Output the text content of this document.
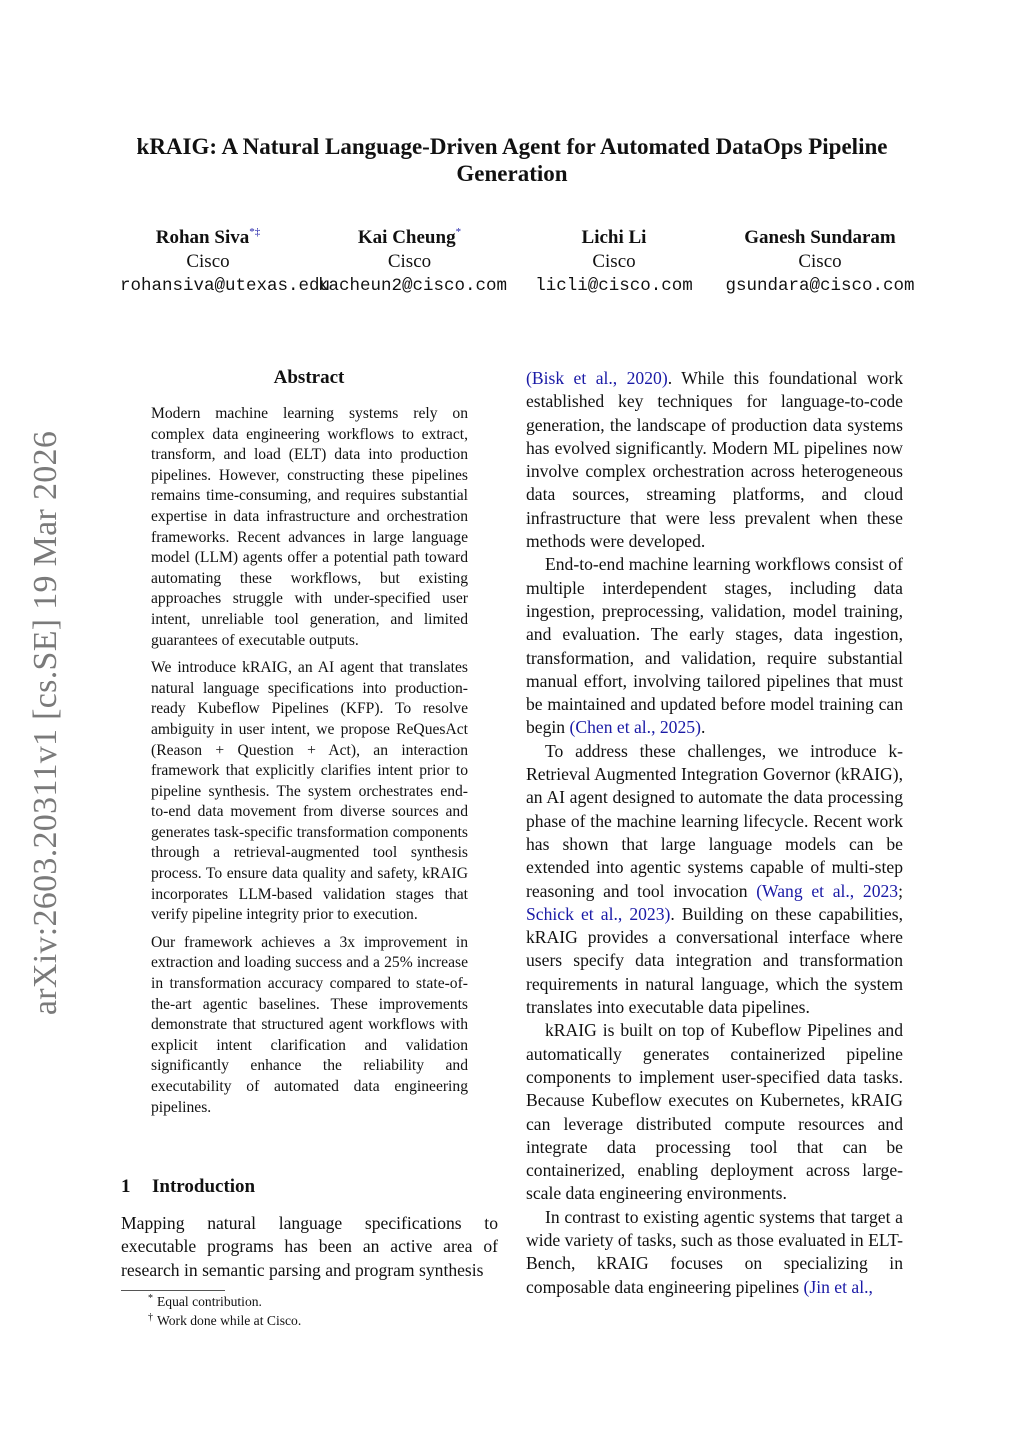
kRAIG: A Natural Language-Driven Agent for Automated DataOps Pipeline Generation
Rohan Siva*‡
Cisco
rohansiva@utexas.edu
Kai Cheung*
Cisco
kacheun2@cisco.com
Lichi Li
Cisco
licli@cisco.com
Ganesh Sundaram
Cisco
gsundara@cisco.com
arXiv:2603.20311v1 [cs.SE] 19 Mar 2026
Abstract

Modern machine learning systems rely on complex data engineering workflows to extract, transform, and load (ELT) data into production pipelines. However, constructing these pipelines remains time-consuming, and requires substantial expertise in data infrastructure and orchestration frameworks. Recent advances in large language model (LLM) agents offer a potential path toward automating these workflows, but existing approaches struggle with under-specified user intent, unreliable tool generation, and limited guarantees of executable outputs.

We introduce kRAIG, an AI agent that translates natural language specifications into production-ready Kubeflow Pipelines (KFP). To resolve ambiguity in user intent, we propose ReQuesAct (Reason + Question + Act), an interaction framework that explicitly clarifies intent prior to pipeline synthesis. The system orchestrates end-to-end data movement from diverse sources and generates task-specific transformation components through a retrieval-augmented tool synthesis process. To ensure data quality and safety, kRAIG incorporates LLM-based validation stages that verify pipeline integrity prior to execution.

Our framework achieves a 3x improvement in extraction and loading success and a 25% increase in transformation accuracy compared to state-of-the-art agentic baselines. These improvements demonstrate that structured agent workflows with explicit intent clarification and validation significantly enhance the reliability and executability of automated data engineering pipelines.

1 Introduction

Mapping natural language specifications to executable programs has been an active area of research in semantic parsing and program synthesis

* Equal contribution.
† Work done while at Cisco.

(Bisk et al., 2020). While this foundational work established key techniques for language-to-code generation, the landscape of production data systems has evolved significantly. Modern ML pipelines now involve complex orchestration across heterogeneous data sources, streaming platforms, and cloud infrastructure that were less prevalent when these methods were developed.

End-to-end machine learning workflows consist of multiple interdependent stages, including data ingestion, preprocessing, validation, model training, and evaluation. The early stages, data ingestion, transformation, and validation, require substantial manual effort, involving tailored pipelines that must be maintained and updated before model training can begin (Chen et al., 2025).

To address these challenges, we introduce k-Retrieval Augmented Integration Governor (kRAIG), an AI agent designed to automate the data processing phase of the machine learning lifecycle. Recent work has shown that large language models can be extended into agentic systems capable of multi-step reasoning and tool invocation (Wang et al., 2023; Schick et al., 2023). Building on these capabilities, kRAIG provides a conversational interface where users specify data integration and transformation requirements in natural language, which the system translates into executable data pipelines.

kRAIG is built on top of Kubeflow Pipelines and automatically generates containerized pipeline components to implement user-specified data tasks. Because Kubeflow executes on Kubernetes, kRAIG can leverage distributed compute resources and integrate data processing tool that can be containerized, enabling deployment across large-scale data engineering environments.

In contrast to existing agentic systems that target a wide variety of tasks, such as those evaluated in ELT-Bench, kRAIG focuses on specializing in composable data engineering pipelines (Jin et al.,
